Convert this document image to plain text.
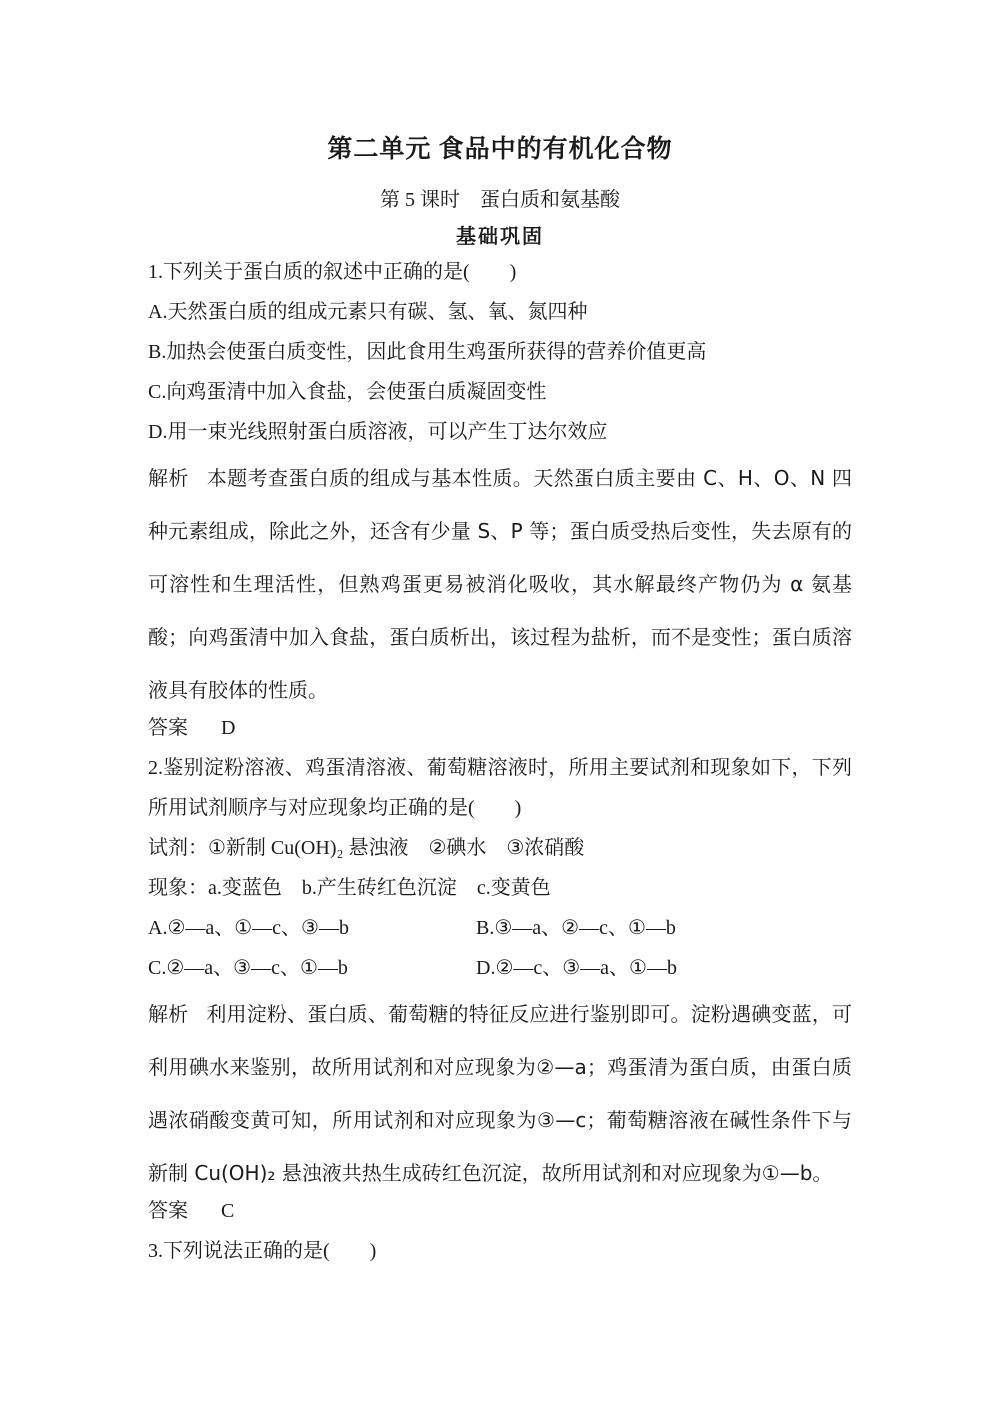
第二单元 食品中的有机化合物
第 5 课时　蛋白质和氨基酸
基础巩固

1.下列关于蛋白质的叙述中正确的是(　　)

A.天然蛋白质的组成元素只有碳、氢、氧、氮四种

B.加热会使蛋白质变性，因此食用生鸡蛋所获得的营养价值更高

C.向鸡蛋清中加入食盐，会使蛋白质凝固变性

D.用一束光线照射蛋白质溶液，可以产生丁达尔效应

解析 本题考查蛋白质的组成与基本性质。天然蛋白质主要由 C、H、O、N 四种元素组成，除此之外，还含有少量 S、P 等；蛋白质受热后变性，失去原有的可溶性和生理活性，但熟鸡蛋更易被消化吸收，其水解最终产物仍为 α 氨基酸；向鸡蛋清中加入食盐，蛋白质析出，该过程为盐析，而不是变性；蛋白质溶液具有胶体的性质。

答案 D

2.鉴别淀粉溶液、鸡蛋清溶液、葡萄糖溶液时，所用主要试剂和现象如下，下列所用试剂顺序与对应现象均正确的是(　　)

试剂：①新制 Cu(OH)₂ 悬浊液　②碘水　③浓硝酸

现象：a.变蓝色　b.产生砖红色沉淀　c.变黄色

A.②—a、①—c、③—b	B.③—a、②—c、①—b
C.②—a、③—c、①—b	D.②—c、③—a、①—b

解析 利用淀粉、蛋白质、葡萄糖的特征反应进行鉴别即可。淀粉遇碘变蓝，可利用碘水来鉴别，故所用试剂和对应现象为②—a；鸡蛋清为蛋白质，由蛋白质遇浓硝酸变黄可知，所用试剂和对应现象为③—c；葡萄糖溶液在碱性条件下与新制 Cu(OH)₂ 悬浊液共热生成砖红色沉淀，故所用试剂和对应现象为①—b。

答案 C

3.下列说法正确的是(　　)
